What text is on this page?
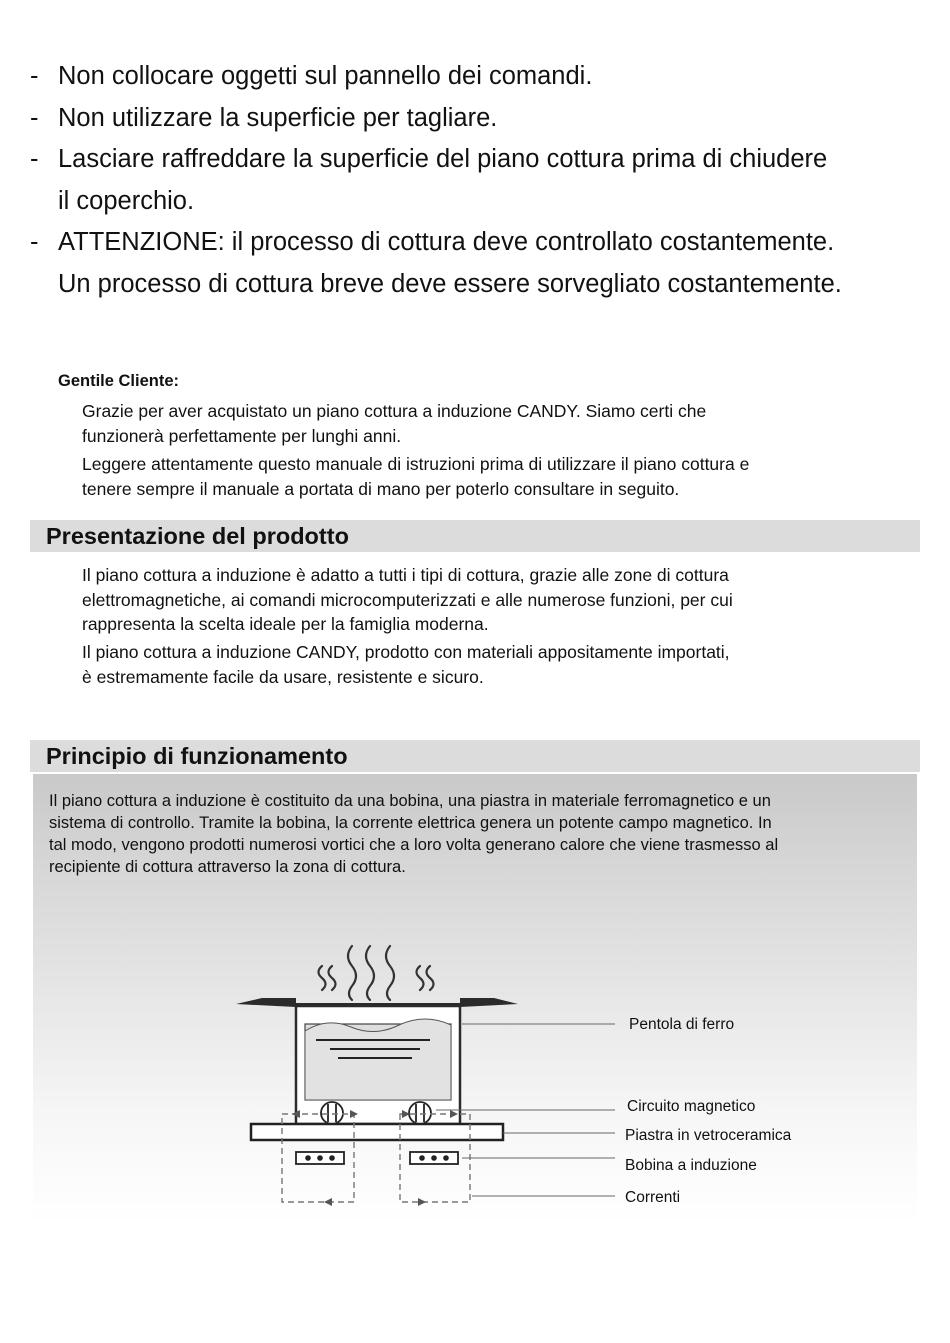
- Non collocare oggetti sul pannello dei comandi.
- Non utilizzare la superficie per tagliare.
- Lasciare raffreddare la superficie del piano cottura prima di chiudere
il coperchio.
- ATTENZIONE: il processo di cottura deve controllato costantemente.
Un processo di cottura breve deve essere sorvegliato costantemente.
Gentile Cliente:
Grazie per aver acquistato un piano cottura a induzione CANDY. Siamo certi che
funzionerà perfettamente per lunghi anni.
Leggere attentamente questo manuale di istruzioni prima di utilizzare il piano cottura e
tenere sempre il manuale a portata di mano per poterlo consultare in seguito.
Presentazione del prodotto
Il piano cottura a induzione è adatto a tutti i tipi di cottura, grazie alle zone di cottura
elettromagnetiche, ai comandi microcomputerizzati e alle numerose funzioni, per cui
rappresenta la scelta ideale per la famiglia moderna.
Il piano cottura a induzione CANDY, prodotto con materiali appositamente importati,
è estremamente facile da usare, resistente e sicuro.
Principio di funzionamento
Il piano cottura a induzione è costituito da una bobina, una piastra in materiale ferromagnetico e un
sistema di controllo. Tramite la bobina, la corrente elettrica genera un potente campo magnetico. In
tal modo, vengono prodotti numerosi vortici che a loro volta generano calore che viene trasmesso al
recipiente di cottura attraverso la zona di cottura.
Pentola di ferro
Circuito magnetico
Piastra in vetroceramica
Bobina a induzione
Correnti
